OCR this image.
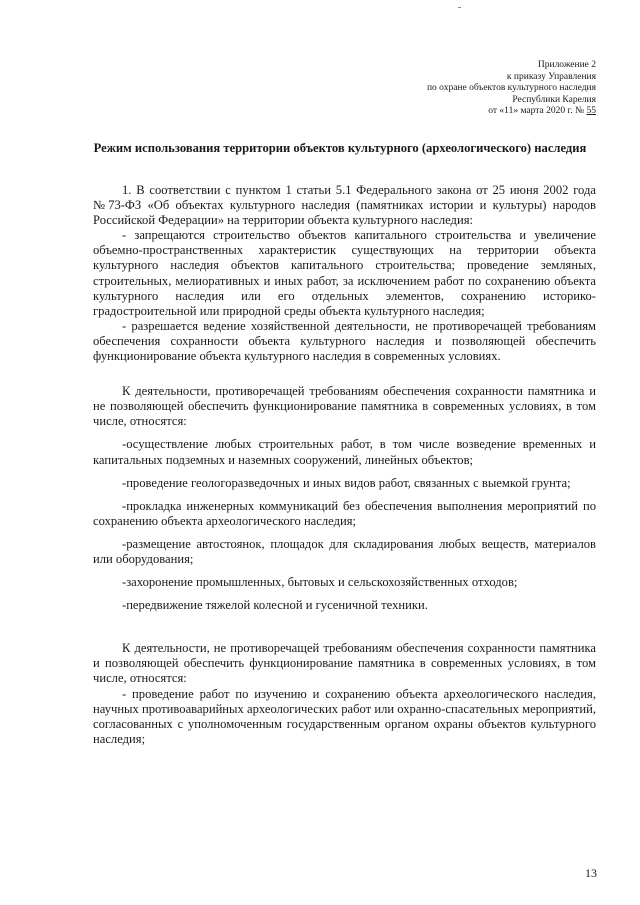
Приложение 2
к приказу Управления
по охране объектов культурного наследия
Республики Карелия
от «11» марта 2020 г. № 55
Режим использования территории объектов культурного (археологического) наследия

1. В соответствии с пунктом 1 статьи 5.1 Федерального закона от 25 июня 2002 года №73-ФЗ «Об объектах культурного наследия (памятниках истории и культуры) народов Российской Федерации» на территории объекта культурного наследия:

- запрещаются строительство объектов капитального строительства и увеличение объемно-пространственных характеристик существующих на территории объекта культурного наследия объектов капитального строительства; проведение земляных, строительных, мелиоративных и иных работ, за исключением работ по сохранению объекта культурного наследия или его отдельных элементов, сохранению историко-градостроительной или природной среды объекта культурного наследия;

- разрешается ведение хозяйственной деятельности, не противоречащей требованиям обеспечения сохранности объекта культурного наследия и позволяющей обеспечить функционирование объекта культурного наследия в современных условиях.

К деятельности, противоречащей требованиям обеспечения сохранности памятника и не позволяющей обеспечить функционирование памятника в современных условиях, в том числе, относятся:

-осуществление любых строительных работ, в том числе возведение временных и капитальных подземных и наземных сооружений, линейных объектов;

-проведение геологоразведочных и иных видов работ, связанных с выемкой грунта;

-прокладка инженерных коммуникаций без обеспечения выполнения мероприятий по сохранению объекта археологического наследия;

-размещение автостоянок, площадок для складирования любых веществ, материалов или оборудования;

-захоронение промышленных, бытовых и сельскохозяйственных отходов;

-передвижение тяжелой колесной и гусеничной техники.

К деятельности, не противоречащей требованиям обеспечения сохранности памятника и позволяющей обеспечить функционирование памятника в современных условиях, в том числе, относятся:

- проведение работ по изучению и сохранению объекта археологического наследия, научных противоаварийных археологических работ или охранно-спасательных мероприятий, согласованных с уполномоченным государственным органом охраны объектов культурного наследия;

13
